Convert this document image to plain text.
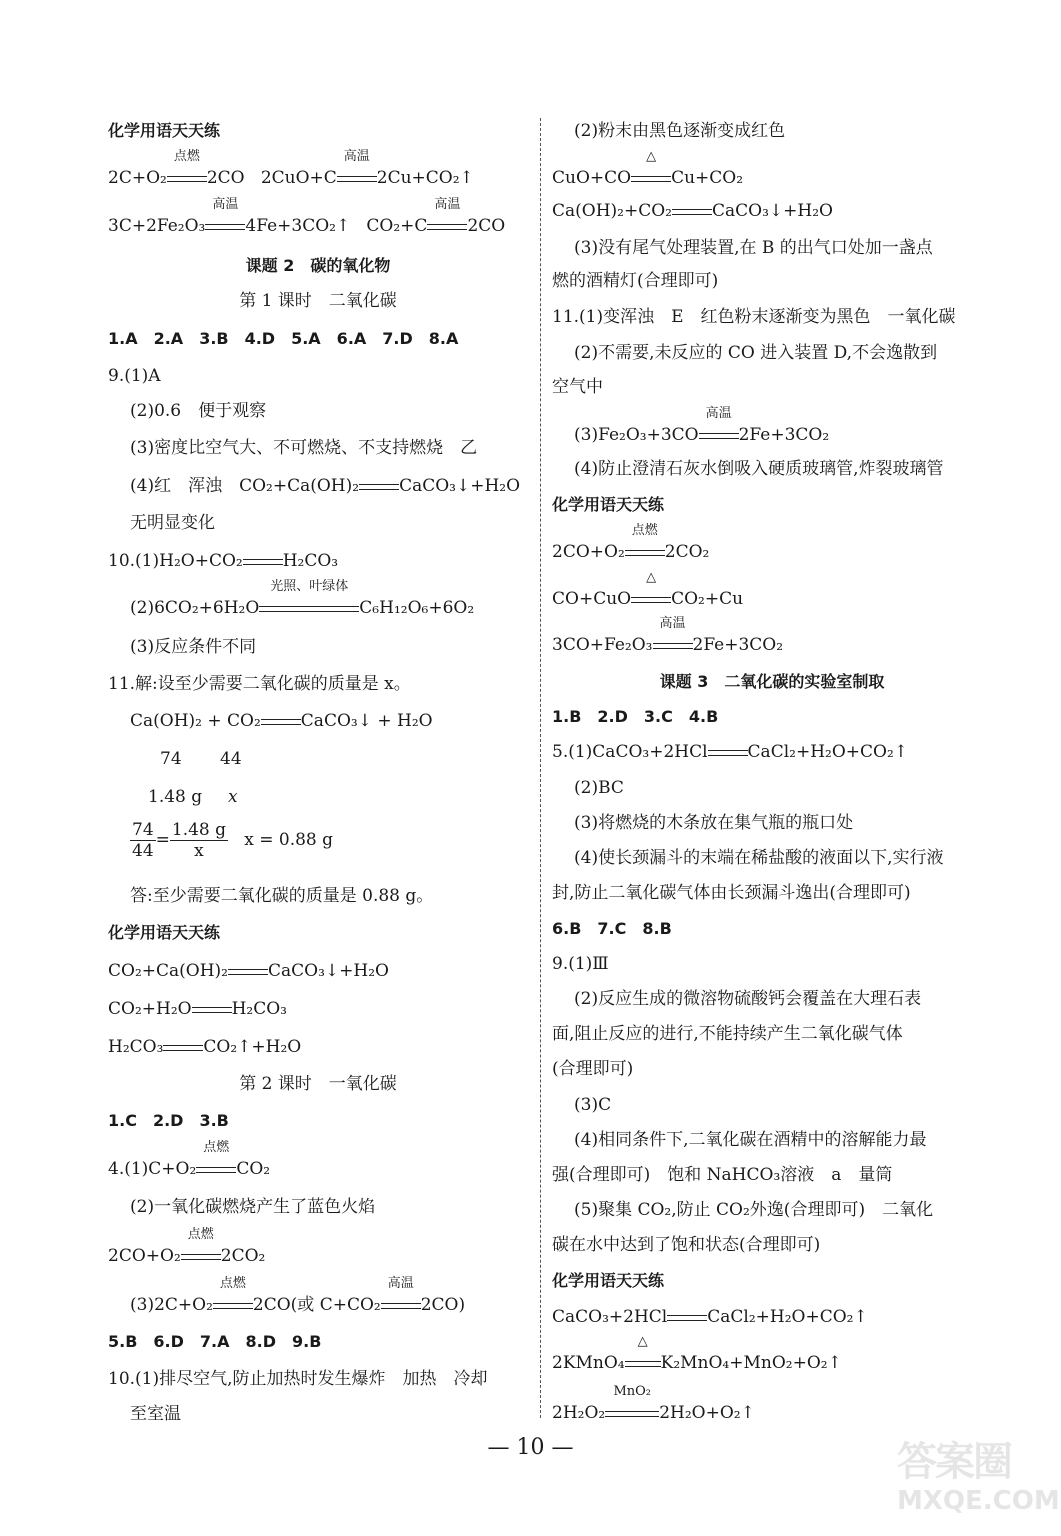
化学用语天天练
2C+O₂
点燃
2CO 2CuO+C
高温
2Cu+CO₂↑
3C+2Fe₂O₃
高温
4Fe+3CO₂↑ CO₂+C
高温
2CO
课题 2　碳的氧化物
第 1 课时　二氧化碳
1.A　2.A　3.B　4.D　5.A　6.A　7.D　8.A
9.(1)A
(2)0.6　便于观察
(3)密度比空气大、不可燃烧、不支持燃烧　乙
(4)红　浑浊　CO₂+Ca(OH)₂ CaCO₃↓+H₂O
无明显变化
10.(1)H₂O+CO₂ H₂CO₃
(2)6CO₂+6H₂O
光照、叶绿体
C₆H₁₂O₆+6O₂
(3)反应条件不同
11.解:设至少需要二氧化碳的质量是 x。
Ca(OH)₂ + CO₂ CaCO₃↓ + H₂O
74 44
1.48 g x
$\frac{74}{44} = \frac{1.48 g}{x}$ x = 0.88 g
答:至少需要二氧化碳的质量是 0.88 g。
化学用语天天练
CO₂+Ca(OH)₂ CaCO₃↓+H₂O
CO₂+H₂O H₂CO₃
H₂CO₃ CO₂↑+H₂O
第 2 课时　一氧化碳
1.C　2.D　3.B
4.(1)C+O₂
点燃
CO₂
(2)一氧化碳燃烧产生了蓝色火焰
2CO+O₂
点燃
2CO₂
(3)2C+O₂
点燃
2CO(或 C+CO₂
高温
2CO)
5.B　6.D　7.A　8.D　9.B
10.(1)排尽空气,防止加热时发生爆炸　加热　冷却
至室温
(2)粉末由黑色逐渐变成红色
CuO+CO
△
Cu+CO₂
Ca(OH)₂+CO₂ CaCO₃↓+H₂O
(3)没有尾气处理装置,在 B 的出气口处加一盏点
燃的酒精灯(合理即可)
11.(1)变浑浊　E　红色粉末逐渐变为黑色　一氧化碳
(2)不需要,未反应的 CO 进入装置 D,不会逸散到
空气中
(3)Fe₂O₃+3CO
高温
2Fe+3CO₂
(4)防止澄清石灰水倒吸入硬质玻璃管,炸裂玻璃管
化学用语天天练
2CO+O₂
点燃
2CO₂
CO+CuO
△
CO₂+Cu
3CO+Fe₂O₃
高温
2Fe+3CO₂
课题 3　二氧化碳的实验室制取
1.B　2.D　3.C　4.B
5.(1)CaCO₃+2HCl CaCl₂+H₂O+CO₂↑
(2)BC
(3)将燃烧的木条放在集气瓶的瓶口处
(4)使长颈漏斗的末端在稀盐酸的液面以下,实行液
封,防止二氧化碳气体由长颈漏斗逸出(合理即可)
6.B　7.C　8.B
9.(1)Ⅲ
(2)反应生成的微溶物硫酸钙会覆盖在大理石表
面,阻止反应的进行,不能持续产生二氧化碳气体
(合理即可)
(3)C
(4)相同条件下,二氧化碳在酒精中的溶解能力最
强(合理即可)　饱和 NaHCO₃溶液　a　量筒
(5)聚集 CO₂,防止 CO₂外逸(合理即可)　二氧化
碳在水中达到了饱和状态(合理即可)
化学用语天天练
CaCO₃+2HCl CaCl₂+H₂O+CO₂↑
2KMnO₄
△
K₂MnO₄+MnO₂+O₂↑
2H₂O₂
MnO₂
2H₂O+O₂↑
— 10 —	答案圈
MXQE.COM
